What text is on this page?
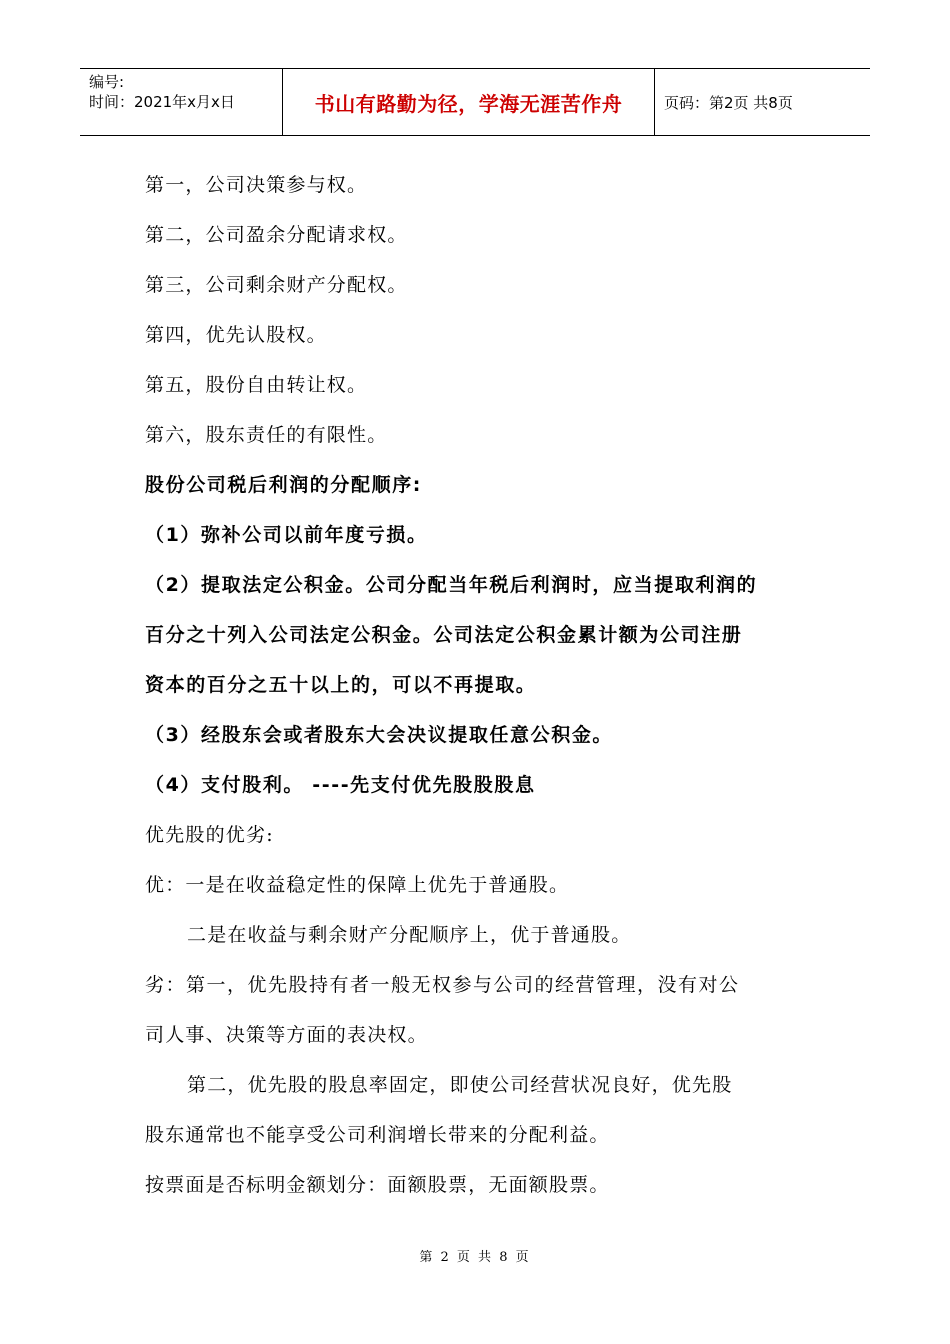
编号:
时间：2021年x月x日	书山有路勤为径，学海无涯苦作舟	页码：第2页 共8页
第一，公司决策参与权。
第二，公司盈余分配请求权。
第三，公司剩余财产分配权。
第四，优先认股权。
第五，股份自由转让权。
第六，股东责任的有限性。
股份公司税后利润的分配顺序:
（1）弥补公司以前年度亏损。
（2）提取法定公积金。公司分配当年税后利润时，应当提取利润的
百分之十列入公司法定公积金。公司法定公积金累计额为公司注册
资本的百分之五十以上的，可以不再提取。
（3）经股东会或者股东大会决议提取任意公积金。
（4）支付股利。 ----先支付优先股股股息
优先股的优劣:
优：一是在收益稳定性的保障上优先于普通股。
二是在收益与剩余财产分配顺序上，优于普通股。
劣：第一，优先股持有者一般无权参与公司的经营管理，没有对公
司人事、决策等方面的表决权。
第二，优先股的股息率固定，即使公司经营状况良好，优先股
股东通常也不能享受公司利润增长带来的分配利益。
按票面是否标明金额划分：面额股票，无面额股票。
第 2 页 共 8 页
